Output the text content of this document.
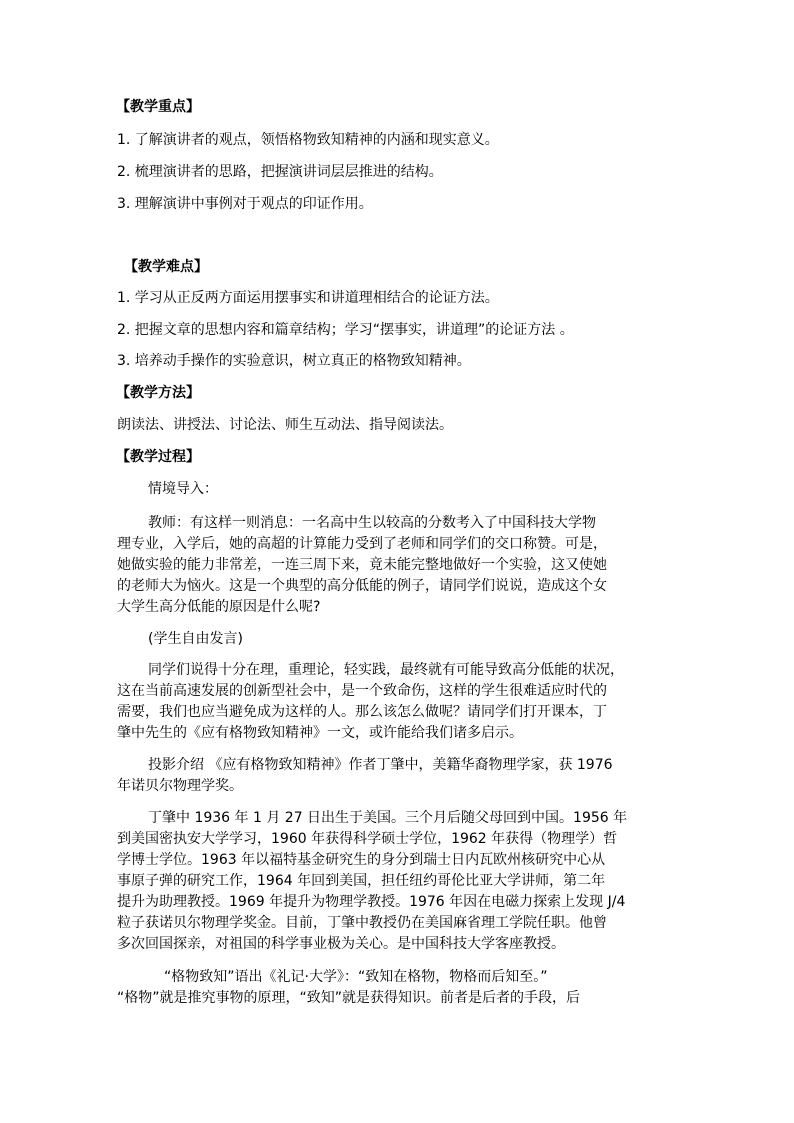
【教学重点】
1. 了解演讲者的观点，领悟格物致知精神的内涵和现实意义。
2. 梳理演讲者的思路，把握演讲词层层推进的结构。
3. 理解演讲中事例对于观点的印证作用。
【教学难点】
1. 学习从正反两方面运用摆事实和讲道理相结合的论证方法。
2. 把握文章的思想内容和篇章结构；学习“摆事实，讲道理”的论证方法 。
3. 培养动手操作的实验意识，树立真正的格物致知精神。
【教学方法】
朗读法、讲授法、讨论法、师生互动法、指导阅读法。
【教学过程】
情境导入：
教师：有这样一则消息：一名高中生以较高的分数考入了中国科技大学物
理专业，入学后，她的高超的计算能力受到了老师和同学们的交口称赞。可是，
她做实验的能力非常差，一连三周下来，竟未能完整地做好一个实验，这又使她
的老师大为恼火。这是一个典型的高分低能的例子，请同学们说说，造成这个女
大学生高分低能的原因是什么呢?
(学生自由发言)
同学们说得十分在理，重理论，轻实践，最终就有可能导致高分低能的状况，
这在当前高速发展的创新型社会中，是一个致命伤，这样的学生很难适应时代的
需要，我们也应当避免成为这样的人。那么该怎么做呢？请同学们打开课本，丁
肇中先生的《应有格物致知精神》一文，或许能给我们诸多启示。
投影介绍 《应有格物致知精神》作者丁肇中，美籍华裔物理学家，获 1976
年诺贝尔物理学奖。
丁肇中 1936 年 1 月 27 日出生于美国。三个月后随父母回到中国。1956 年
到美国密执安大学学习，1960 年获得科学硕士学位，1962 年获得（物理学）哲
学博士学位。1963 年以福特基金研究生的身分到瑞士日内瓦欧州核研究中心从
事原子弹的研究工作，1964 年回到美国，担任纽约哥伦比亚大学讲师，第二年
提升为助理教授。1969 年提升为物理学教授。1976 年因在电磁力探索上发现 J/4
粒子获诺贝尔物理学奖金。目前，丁肇中教授仍在美国麻省理工学院任职。他曾
多次回国探亲，对祖国的科学事业极为关心。是中国科技大学客座教授。
“格物致知”语出《礼记·大学》：“致知在格物，物格而后知至。”
“格物”就是推究事物的原理，“致知”就是获得知识。前者是后者的手段，后
